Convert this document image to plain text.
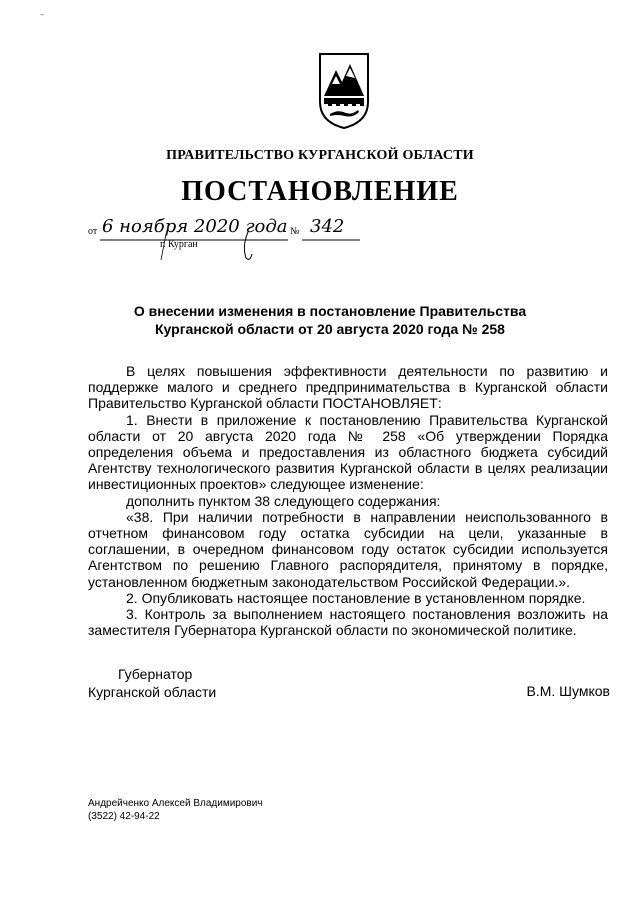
–
ПРАВИТЕЛЬСТВО КУРГАНСКОЙ ОБЛАСТИ
ПОСТАНОВЛЕНИЕ
от 6 ноября 2020 года № 342
г. Курган
О внесении изменения в постановление Правительства
Курганской области от 20 августа 2020 года № 258

В целях повышения эффективности деятельности по развитию и поддержке малого и среднего предпринимательства в Курганской области Правительство Курганской области ПОСТАНОВЛЯЕТ:

1. Внести в приложение к постановлению Правительства Курганской области от 20 августа 2020 года № 258 «Об утверждении Порядка определения объема и предоставления из областного бюджета субсидий Агентству технологического развития Курганской области в целях реализации инвестиционных проектов» следующее изменение:

дополнить пунктом 38 следующего содержания:

«38. При наличии потребности в направлении неиспользованного в отчетном финансовом году остатка субсидии на цели, указанные в соглашении, в очередном финансовом году остаток субсидии используется Агентством по решению Главного распорядителя, принятому в порядке, установленном бюджетным законодательством Российской Федерации.».

2. Опубликовать настоящее постановление в установленном порядке.

3. Контроль за выполнением настоящего постановления возложить на заместителя Губернатора Курганской области по экономической политике.

Губернатор
Курганской области	В.М. Шумков
Андрейченко Алексей Владимирович
(3522) 42-94-22
